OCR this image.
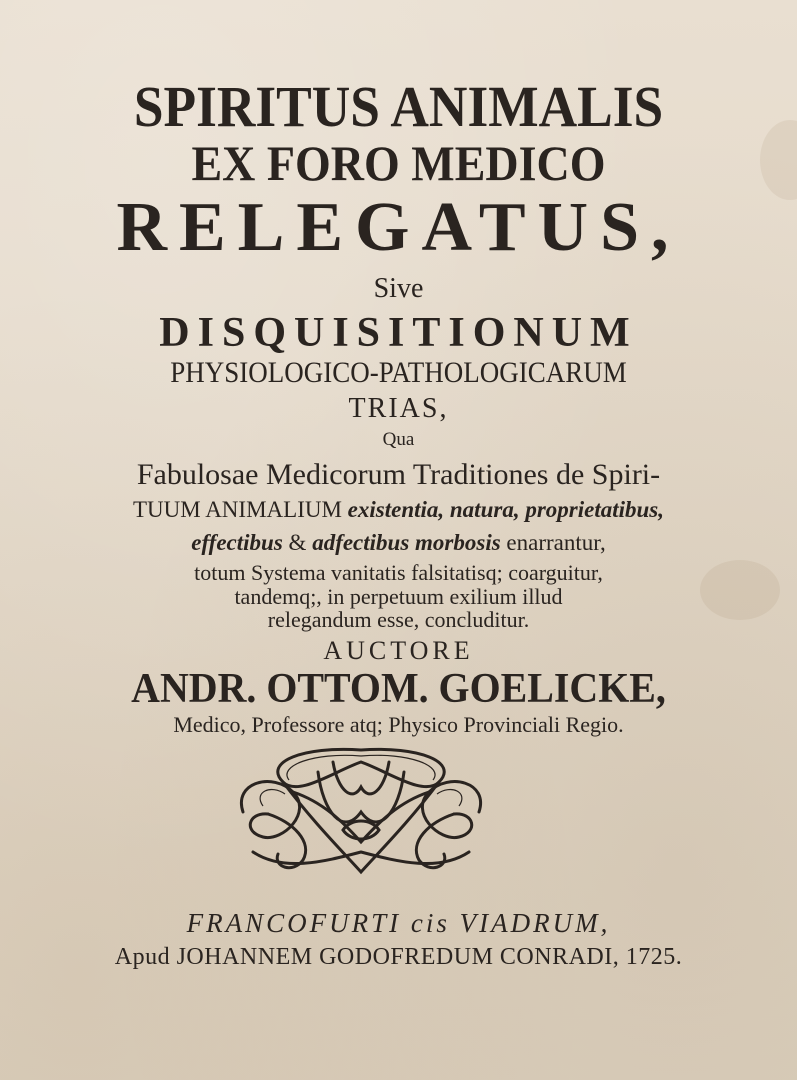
SPIRITUS ANIMALIS
EX FORO MEDICO
RELEGATUS,
Sive
DISQUISITIONUM
PHYSIOLOGICO-PATHOLOGICARUM
TRIAS,
Qua
Fabulosae Medicorum Traditiones de Spiri-
TUUM ANIMALIUM existentia, natura, proprietatibus,
effectibus & adfectibus morbosis enarrantur,
totum Systema vanitatis falsitatisq; coarguitur,
tandemq;, in perpetuum exilium illud
relegandum esse, concluditur.
AUCTORE
ANDR. OTTOM. GOELICKE,
Medico, Professore atq; Physico Provinciali Regio.
FRANCOFURTI cis VIADRUM,
Apud JOHANNEM GODOFREDUM CONRADI, 1725.
